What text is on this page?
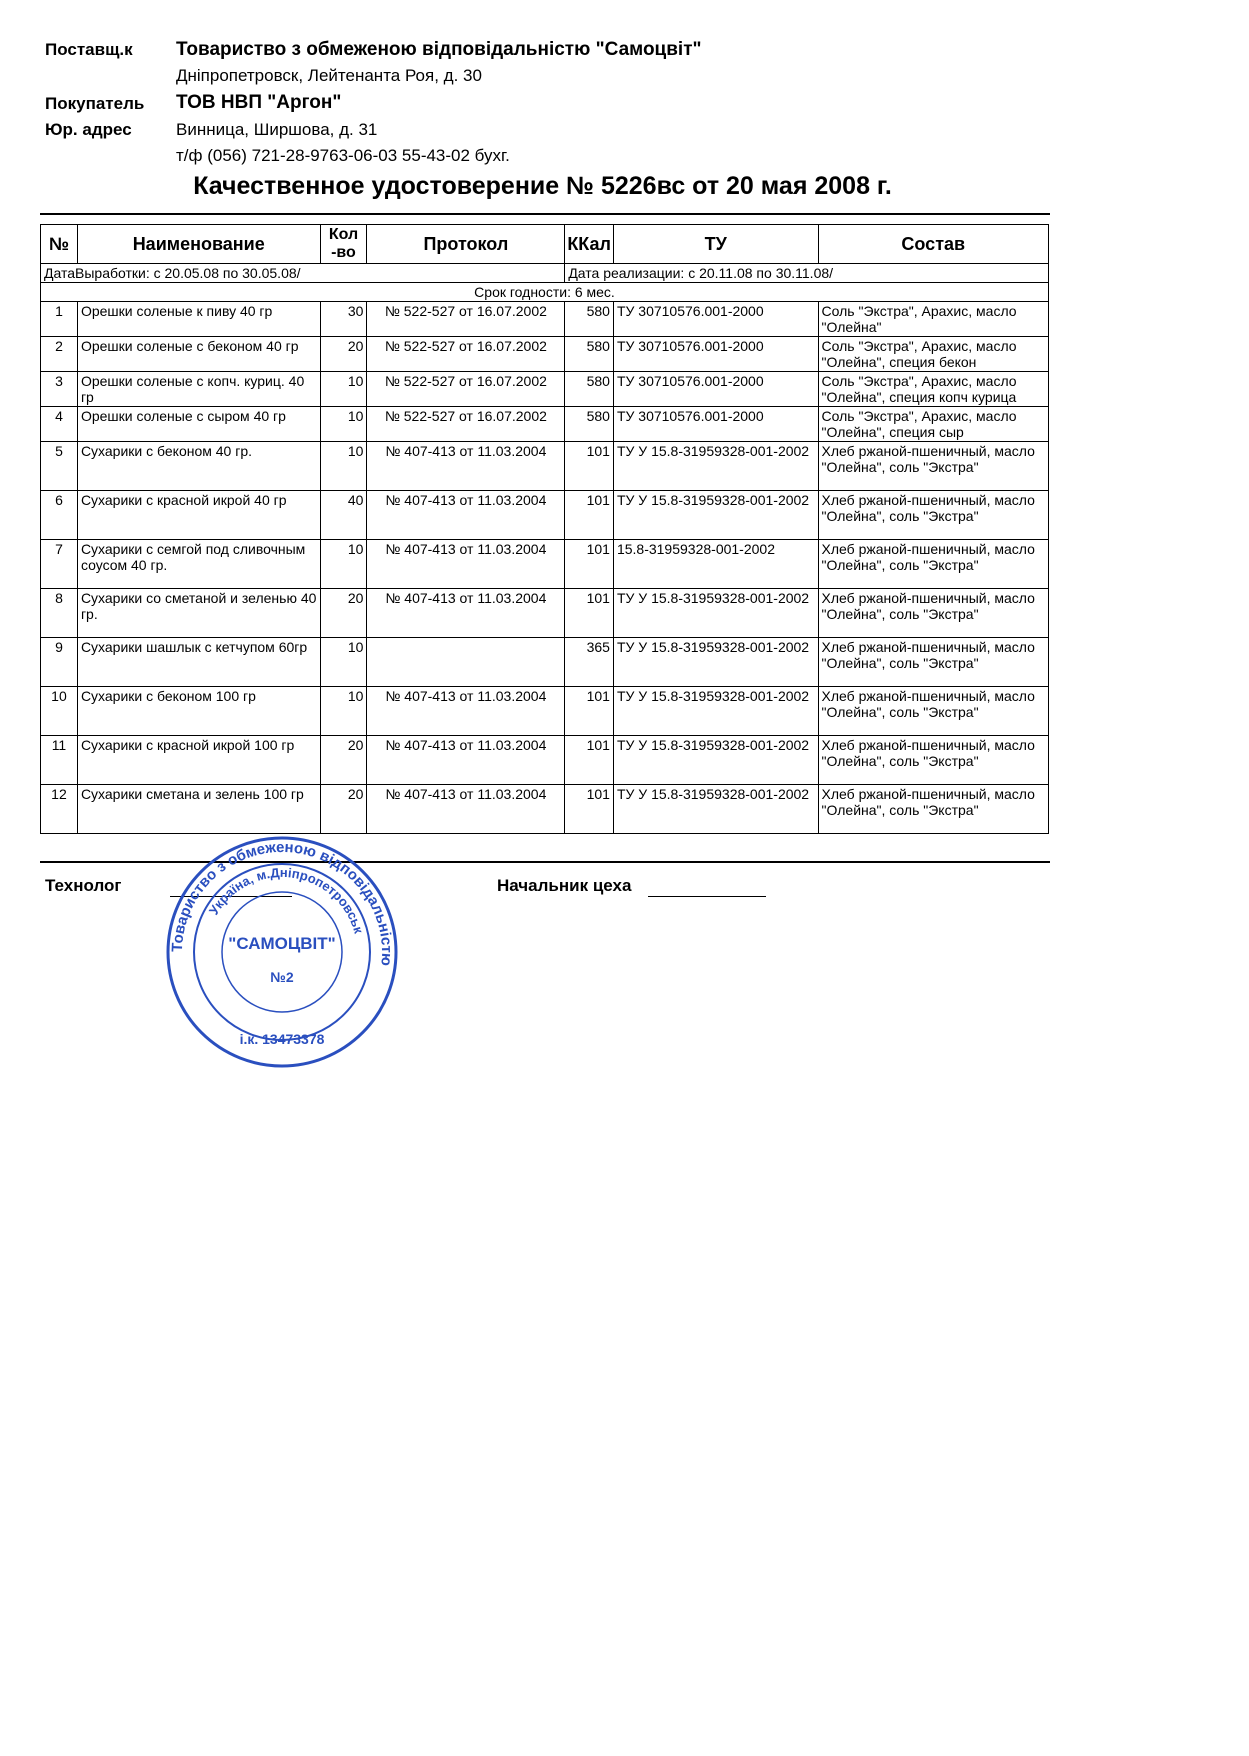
Поставщ.к Товариство з обмеженою відповідальністю "Самоцвіт"
Дніпропетровск, Лейтенанта Роя, д. 30
Покупатель ТОВ НВП "Аргон"
Юр. адрес	Винница, Ширшова, д. 31
т/ф (056) 721-28-9763-06-03 55-43-02 бухг.
Качественное удостоверение № 5226вс от 20 мая 2008 г.
№	Наименование	Кол -во	Протокол	ККал	ТУ	Состав
ДатаВыработки: с 20.05.08 по 30.05.08/				Дата реализации: с 20.11.08 по 30.11.08/		
Срок годности: 6 мес.						
1	Орешки соленые к пиву 40 гр	30	№ 522-527 от 16.07.2002	580	ТУ 30710576.001-2000	Соль "Экстра", Арахис, масло "Олейна"
2	Орешки соленые с беконом 40 гр	20	№ 522-527 от 16.07.2002	580	ТУ 30710576.001-2000	Соль "Экстра", Арахис, масло "Олейна", специя бекон
3	Орешки соленые с копч. куриц. 40 гр	10	№ 522-527 от 16.07.2002	580	ТУ 30710576.001-2000	Соль "Экстра", Арахис, масло "Олейна", специя копч курица
4	Орешки соленые с сыром 40 гр	10	№ 522-527 от 16.07.2002	580	ТУ 30710576.001-2000	Соль "Экстра", Арахис, масло "Олейна", специя сыр
5	Сухарики с беконом 40 гр.	10	№ 407-413 от 11.03.2004	101	ТУ У 15.8-31959328-001-2002	Хлеб ржаной-пшеничный, масло "Олейна", соль "Экстра"
6	Сухарики с красной икрой 40 гр	40	№ 407-413 от 11.03.2004	101	ТУ У 15.8-31959328-001-2002	Хлеб ржаной-пшеничный, масло "Олейна", соль "Экстра"
7	Сухарики с семгой под сливочным соусом 40 гр.	10	№ 407-413 от 11.03.2004	101	15.8-31959328-001-2002	Хлеб ржаной-пшеничный, масло "Олейна", соль "Экстра"
8	Сухарики со сметаной и зеленью 40 гр.	20	№ 407-413 от 11.03.2004	101	ТУ У 15.8-31959328-001-2002	Хлеб ржаной-пшеничный, масло "Олейна", соль "Экстра"
9	Сухарики шашлык с кетчупом 60гр	10		365	ТУ У 15.8-31959328-001-2002	Хлеб ржаной-пшеничный, масло "Олейна", соль "Экстра"
10	Сухарики с беконом 100 гр	10	№ 407-413 от 11.03.2004	101	ТУ У 15.8-31959328-001-2002	Хлеб ржаной-пшеничный, масло "Олейна", соль "Экстра"
11	Сухарики с красной икрой 100 гр	20	№ 407-413 от 11.03.2004	101	ТУ У 15.8-31959328-001-2002	Хлеб ржаной-пшеничный, масло "Олейна", соль "Экстра"
12	Сухарики сметана и зелень 100 гр	20	№ 407-413 от 11.03.2004	101	ТУ У 15.8-31959328-001-2002	Хлеб ржаной-пшеничный, масло "Олейна", соль "Экстра"
Технолог	Начальник цеха
Товариство з обмеженою відповідальністю
Україна, м.Дніпропетровськ
"САМОЦВІТ"
№2
і.к. 13473378
